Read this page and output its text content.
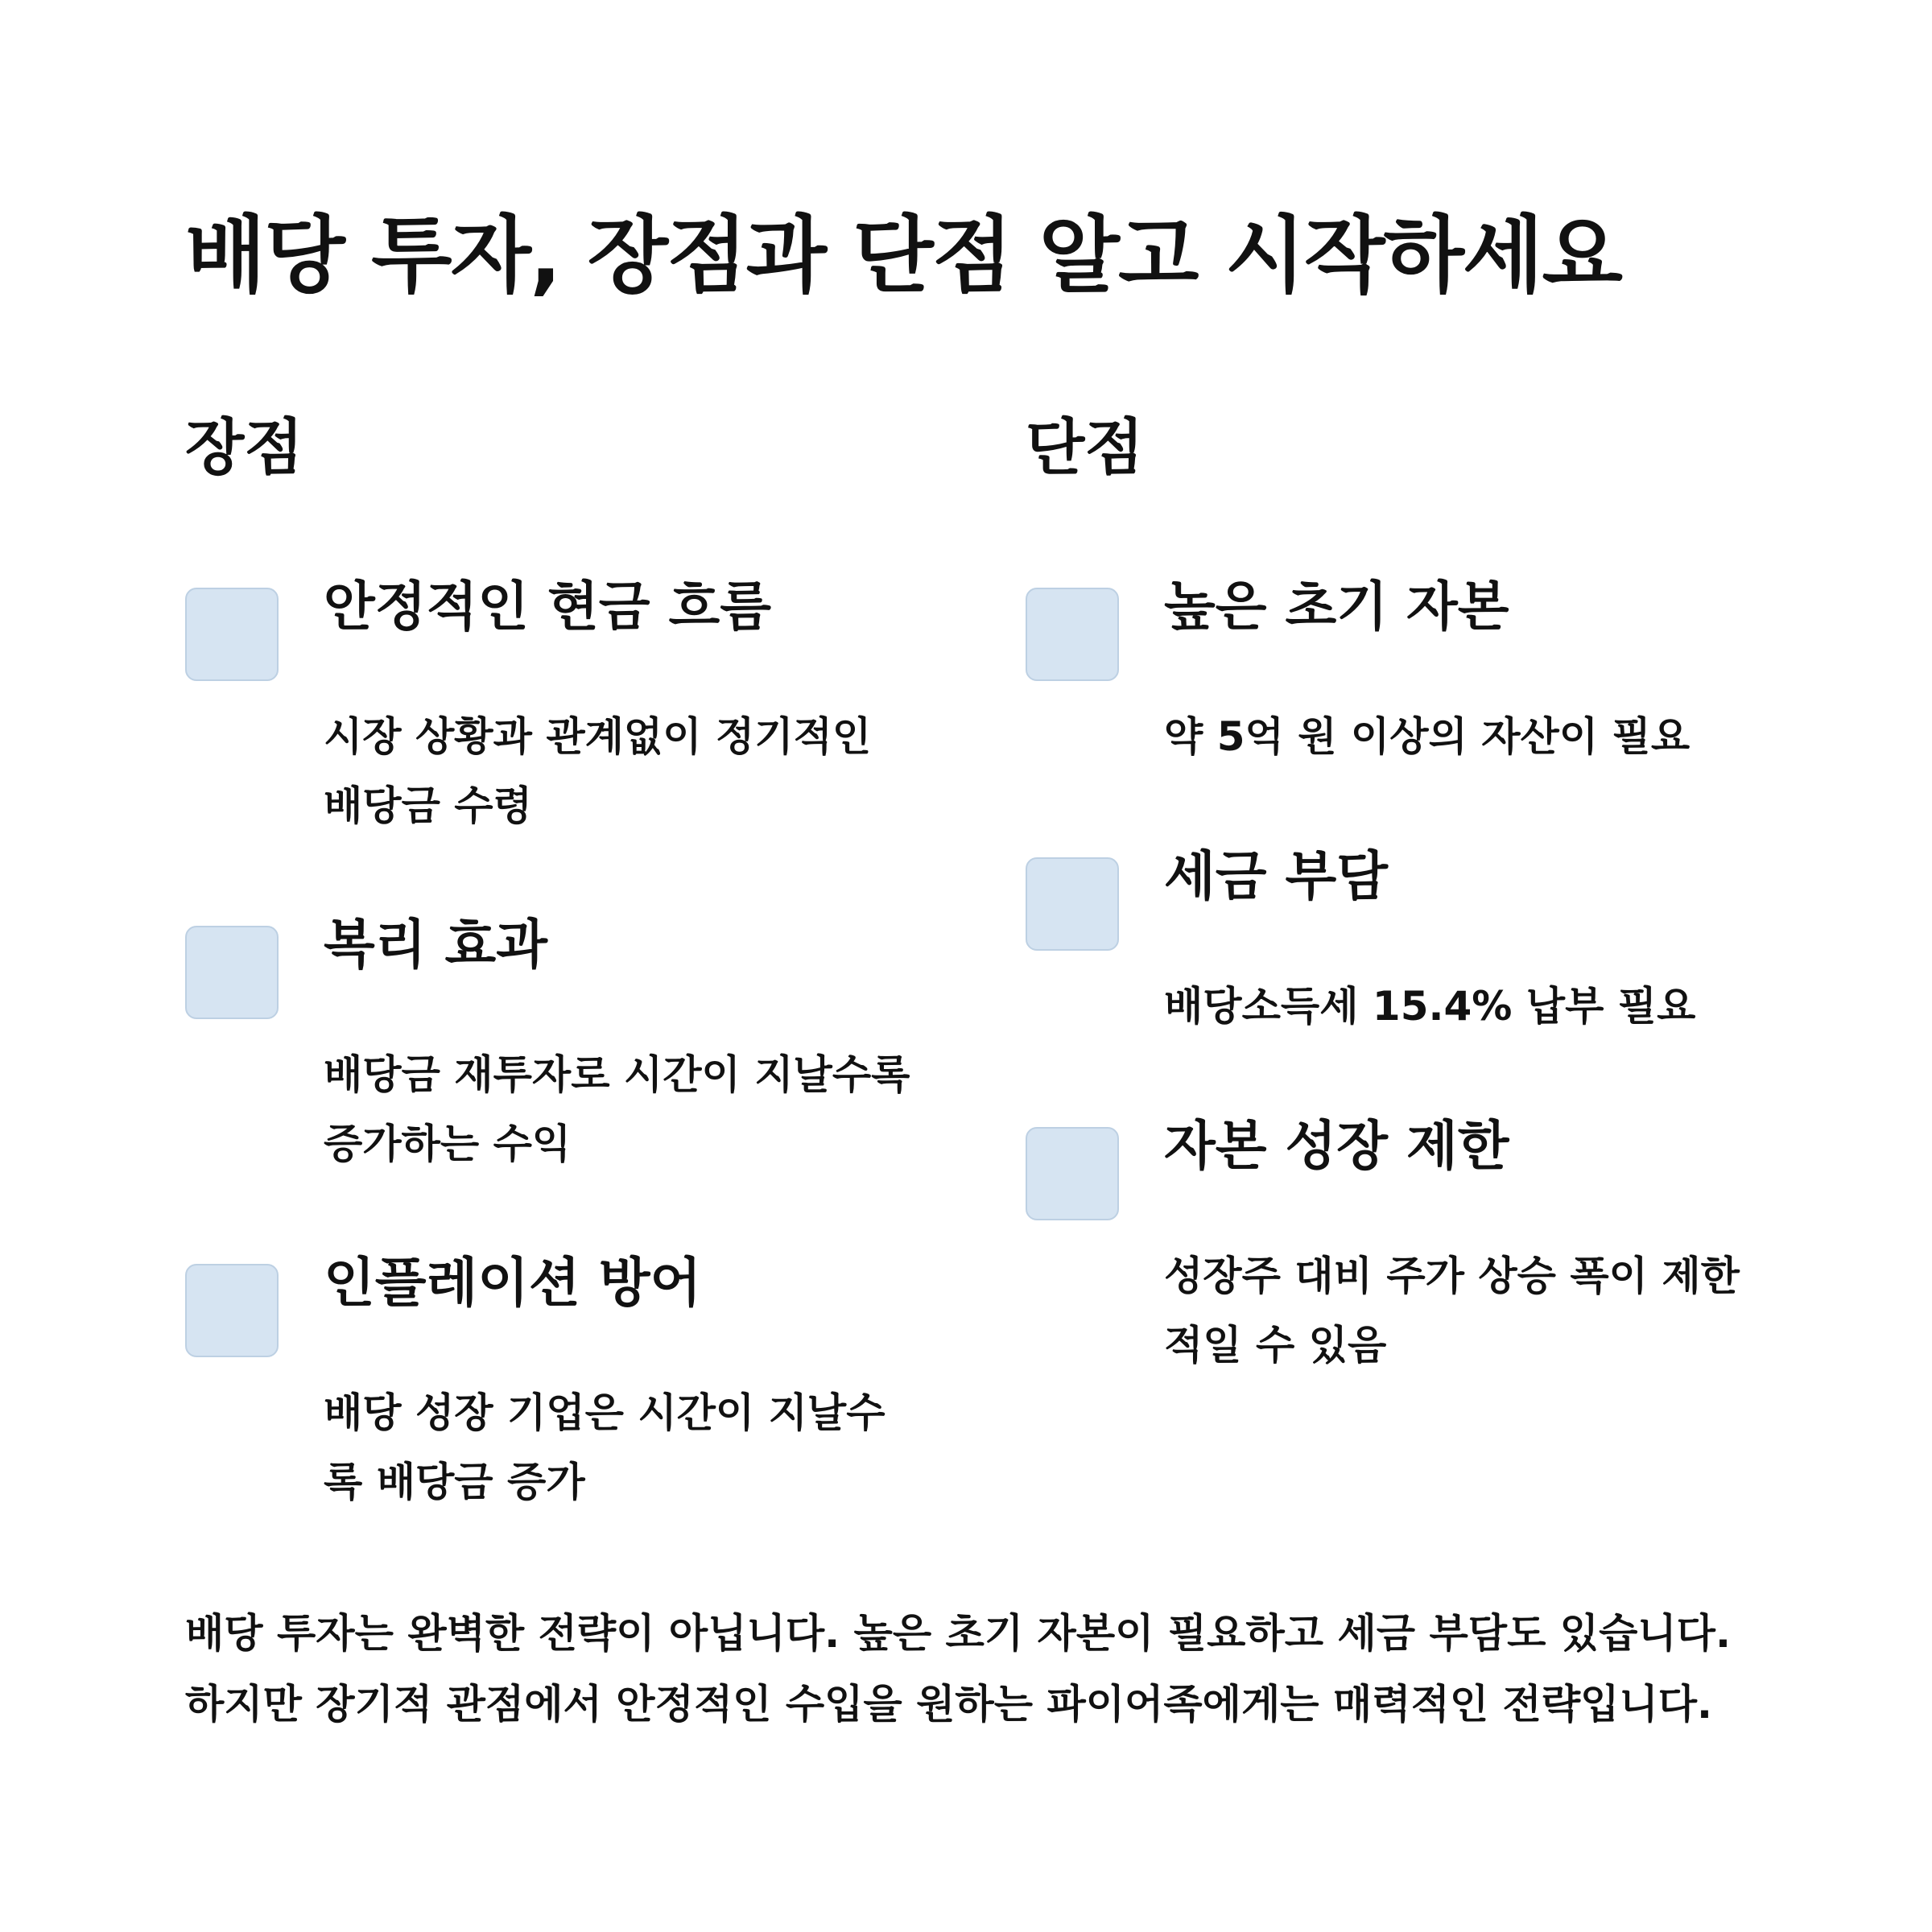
배당 투자, 장점과 단점 알고 시작하세요
장점
안정적인 현금 흐름

시장 상황과 관계없이 정기적인
배당금 수령

복리 효과

배당금 재투자로 시간이 지날수록
증가하는 수익

인플레이션 방어

배당 성장 기업은 시간이 지날수
록 배당금 증가

단점
높은 초기 자본

약 5억 원 이상의 자산이 필요

세금 부담

배당소득세 15.4% 납부 필요

자본 성장 제한

성장주 대비 주가 상승 폭이 제한
적일 수 있음

배당 투자는 완벽한 전략이 아닙니다. 높은 초기 자본이 필요하고 세금 부담도 있습니다.
하지만 장기적 관점에서 안정적인 수입을 원하는 파이어족에게는 매력적인 전략입니다.
